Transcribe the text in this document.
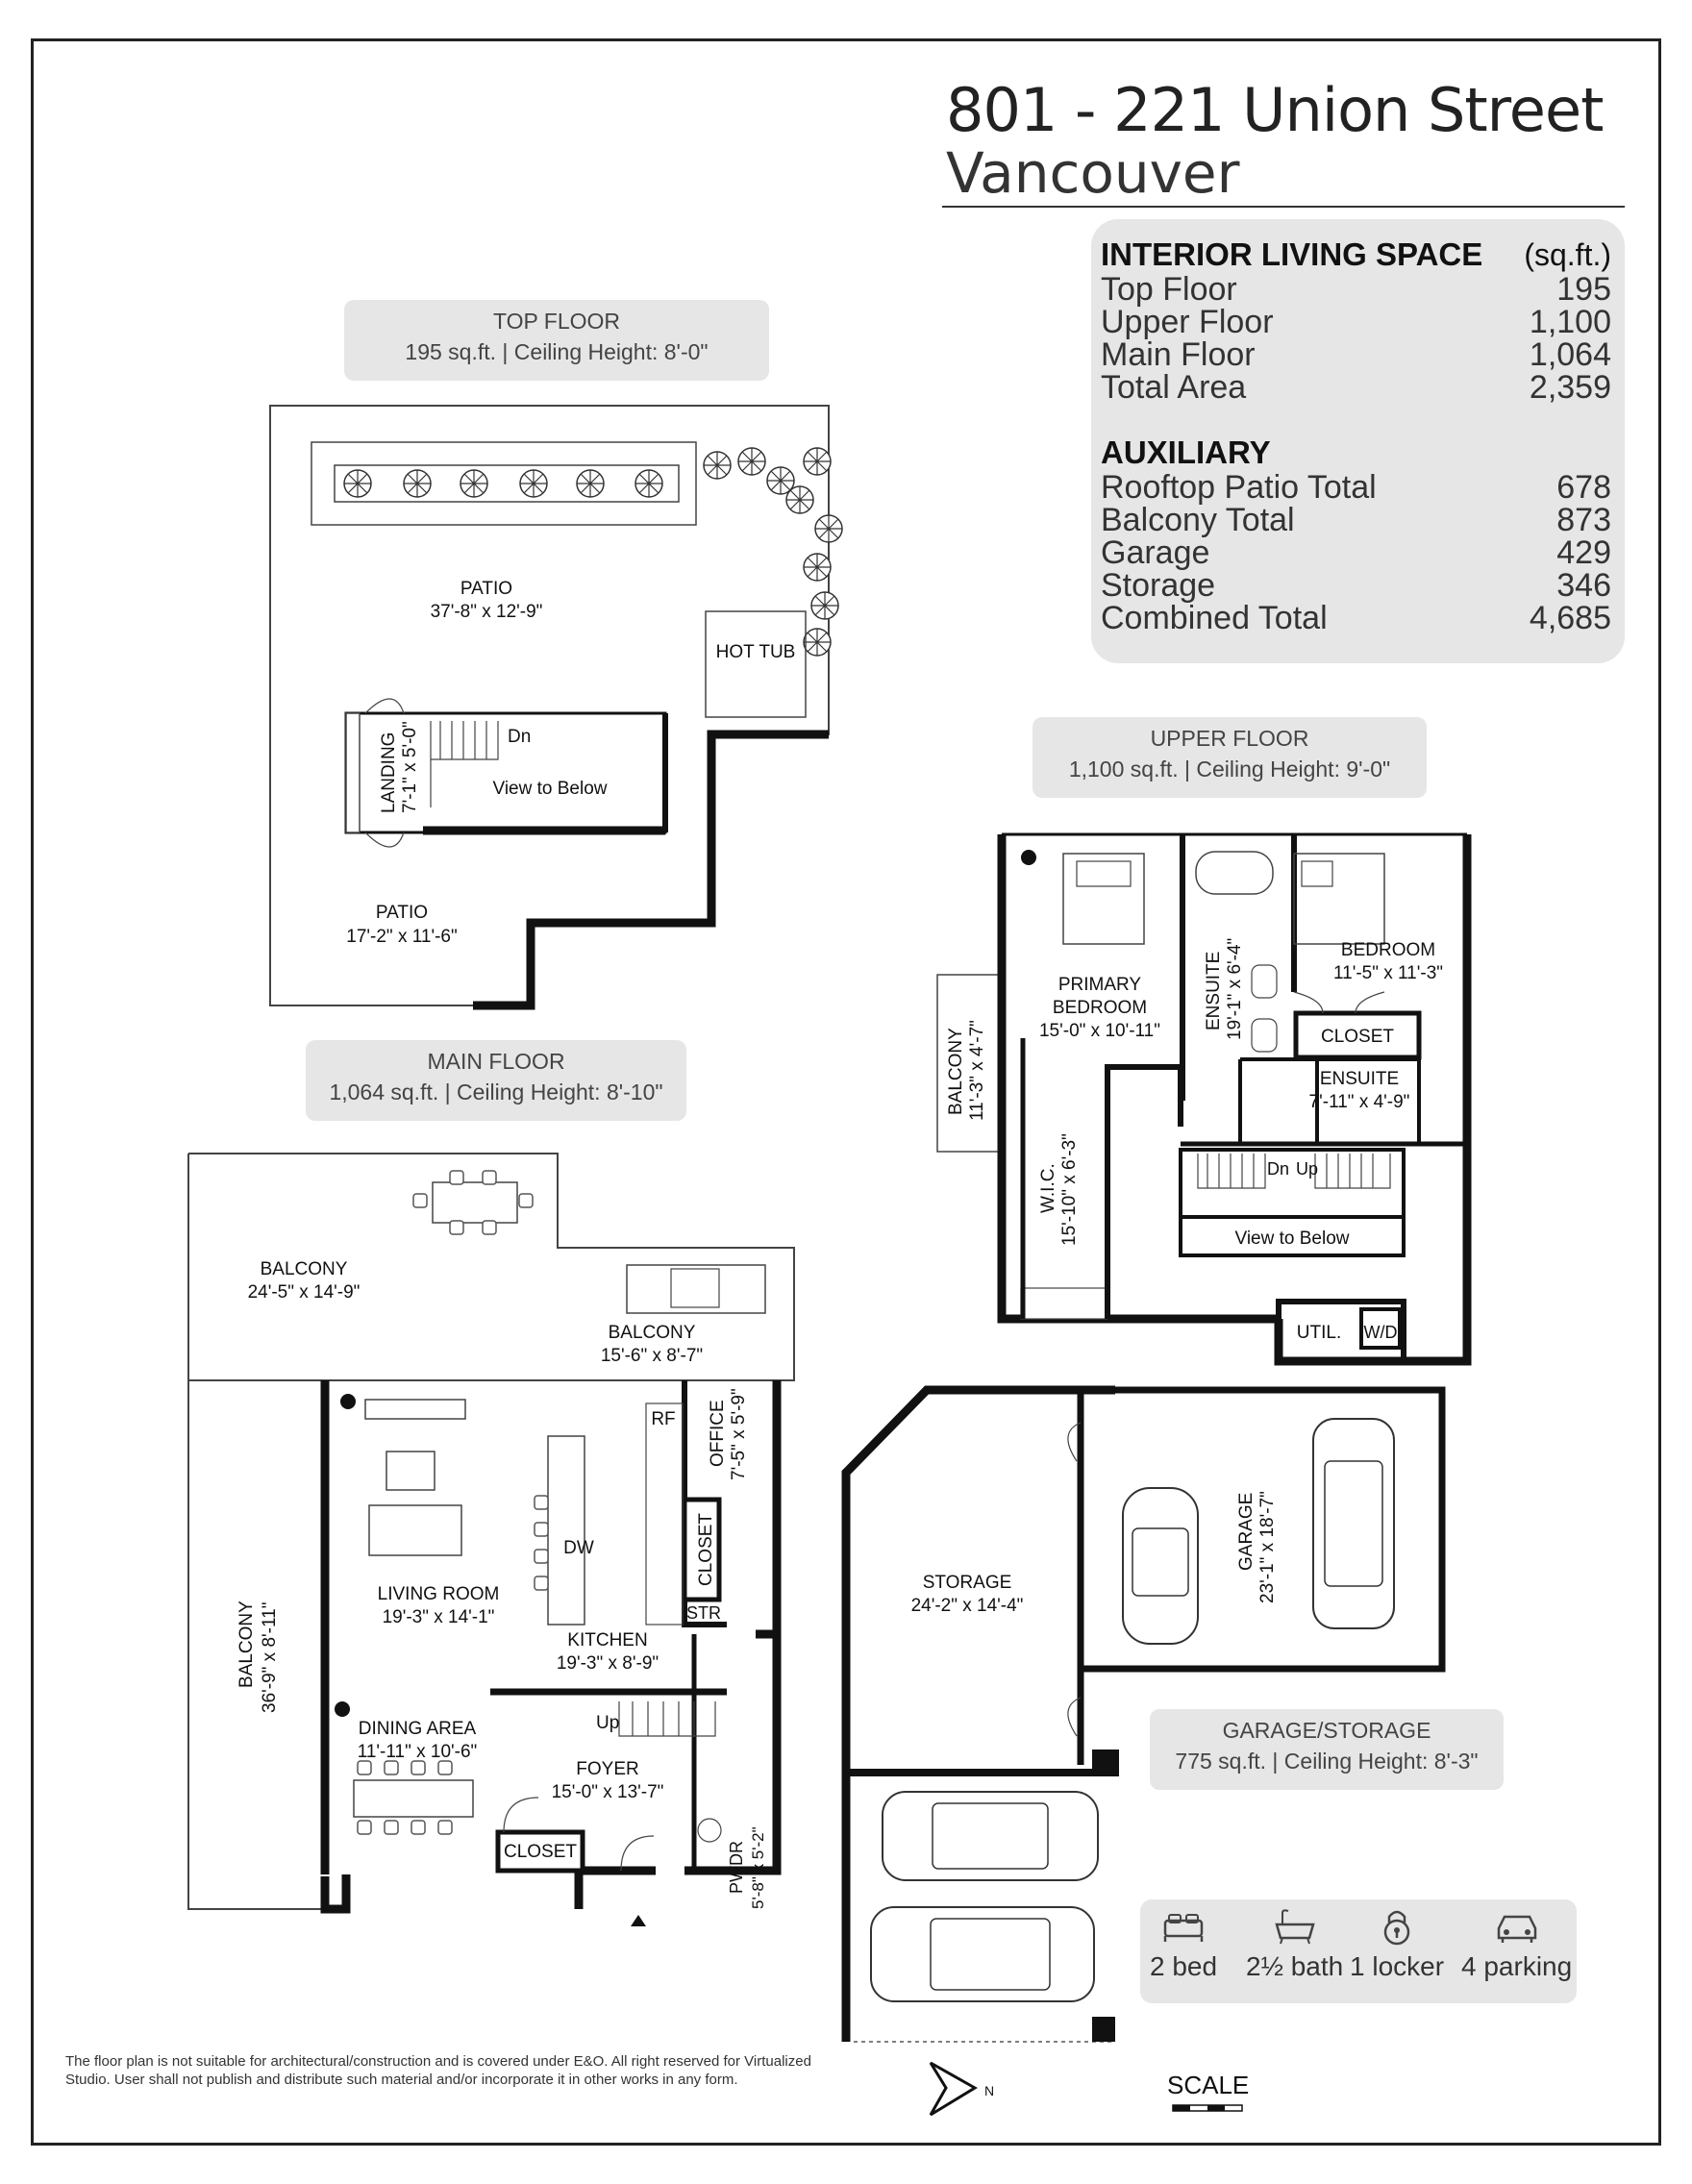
801 - 221 Union Street
Vancouver
INTERIOR LIVING SPACE (sq.ft.)
Top Floor	195
Upper Floor	1,100
Main Floor	1,064
Total Area	2,359
AUXILIARY
Rooftop Patio Total	678
Balcony Total	873
Garage	429
Storage	346
Combined Total	4,685
TOP FLOOR
195 sq.ft. | Ceiling Height: 8'-0"
UPPER FLOOR
1,100 sq.ft. | Ceiling Height: 9'-0"
MAIN FLOOR
1,064 sq.ft. | Ceiling Height: 8'-10"
GARAGE/STORAGE
775 sq.ft. | Ceiling Height: 8'-3"
PATIO
37'-8" x 12'-9"
HOT TUB
Dn
View to Below
LANDING 7'-1" x 5'-0"
PATIO
17'-2" x 11'-6"
PRIMARY
BEDROOM
15'-0" x 10'-11"
ENSUITE 19'-1" x 6'-4"	BEDROOM
11'-5" x 11'-3"
CLOSET
ENSUITE
7'-11" x 4'-9"
BALCONY 11'-3" x 4'-7"
W.I.C. 15'-10" x 6'-3"	Dn Up
View to Below
UTIL. W/D
BALCONY
24'-5" x 14'-9"
BALCONY
15'-6" x 8'-7"
BALCONY 36'-9" x 8'-11"
RF
DW
STR
OFFICE 7'-5" x 5'-9"
CLOSET
LIVING ROOM
19'-3" x 14'-1"
KITCHEN
19'-3" x 8'-9"
DINING AREA
11'-11" x 10'-6"
Up
FOYER
15'-0" x 13'-7"
CLOSET	PWDR 5'-8" x 5'-2"
STORAGE
24'-2" x 14'-4"
GARAGE 23'-1" x 18'-7"
N	SCALE
2 bed 2½ bath 1 locker 4 parking
The floor plan is not suitable for architectural/construction and is covered under E&O. All right reserved for Virtualized Studio. User shall not publish and distribute such material and/or incorporate it in other works in any form.
